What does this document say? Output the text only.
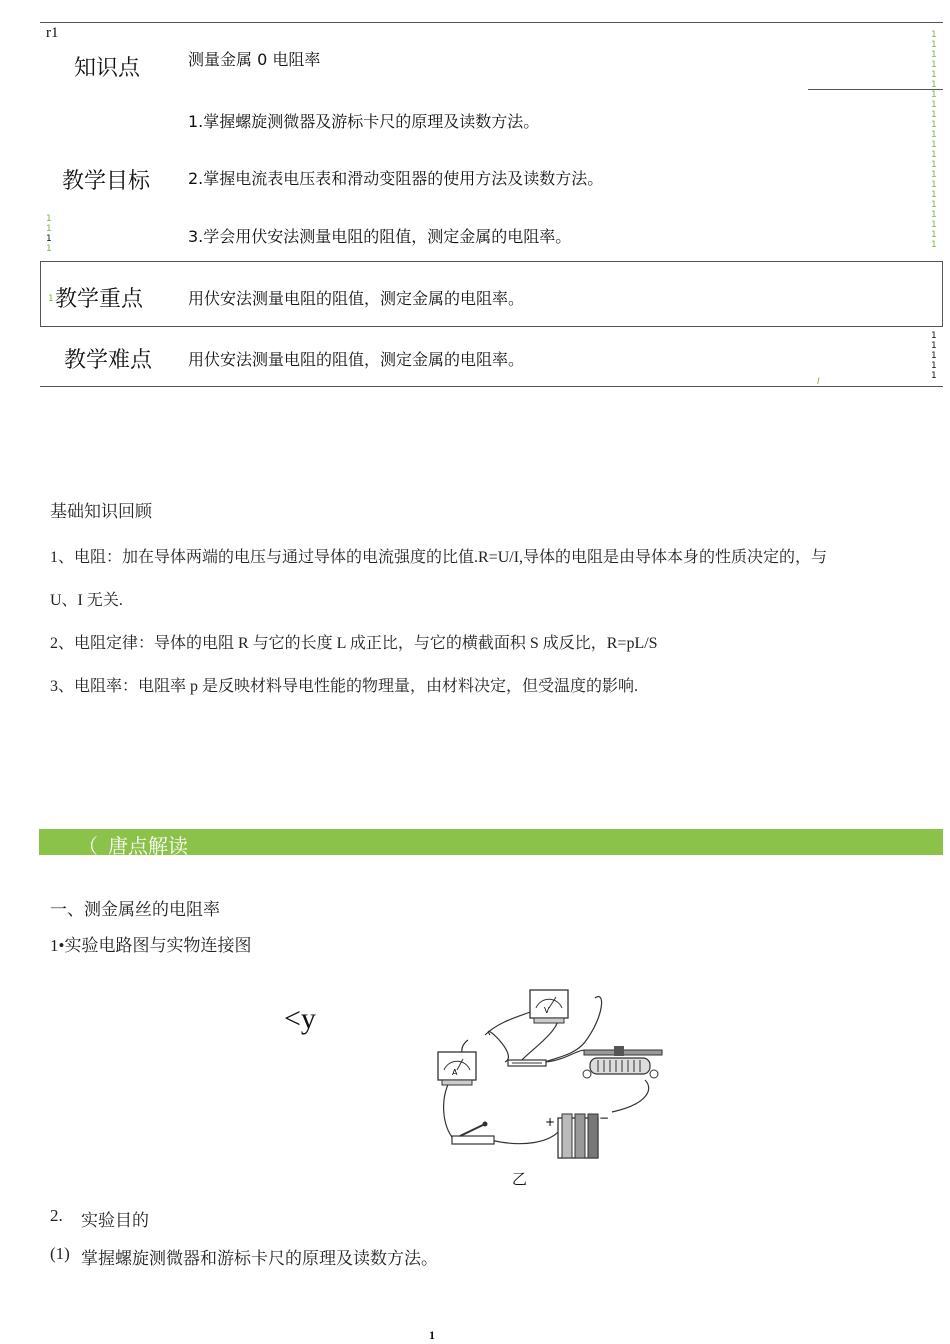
r1
知识点	测量金属 0 电阻率
1.掌握螺旋测微器及游标卡尺的原理及读数方法。
教学目标 2.掌握电流表电压表和滑动变阻器的使用方法及读数方法。
3.学会用伏安法测量电阻的阻值，测定金属的电阻率。
教学重点	用伏安法测量电阻的阻值，测定金属的电阻率。
教学难点 用伏安法测量电阻的阻值，测定金属的电阻率。
1
1
1
1
1
1
1
1
1
1
1
1
1
1
1
1
1
1
1
1
1
1
1
1
1
1
1
1
1
1
1
1
I
基础知识回顾
1、电阻：加在导体两端的电压与通过导体的电流强度的比值.R=U/I,导体的电阻是由导体本身的性质决定的，与
U、I 无关.
2、电阻定律：导体的电阻 R 与它的长度 L 成正比，与它的横截面积 S 成反比，R=pL/S
3、电阻率：电阻率 p 是反映材料导电性能的物理量，由材料决定，但受温度的影响.
（_唐点解读
一、测金属丝的电阻率
1•实验电路图与实物连接图
<y	V
A
+	−
乙
2. 实验目的
(1) 掌握螺旋测微器和游标卡尺的原理及读数方法。
1
